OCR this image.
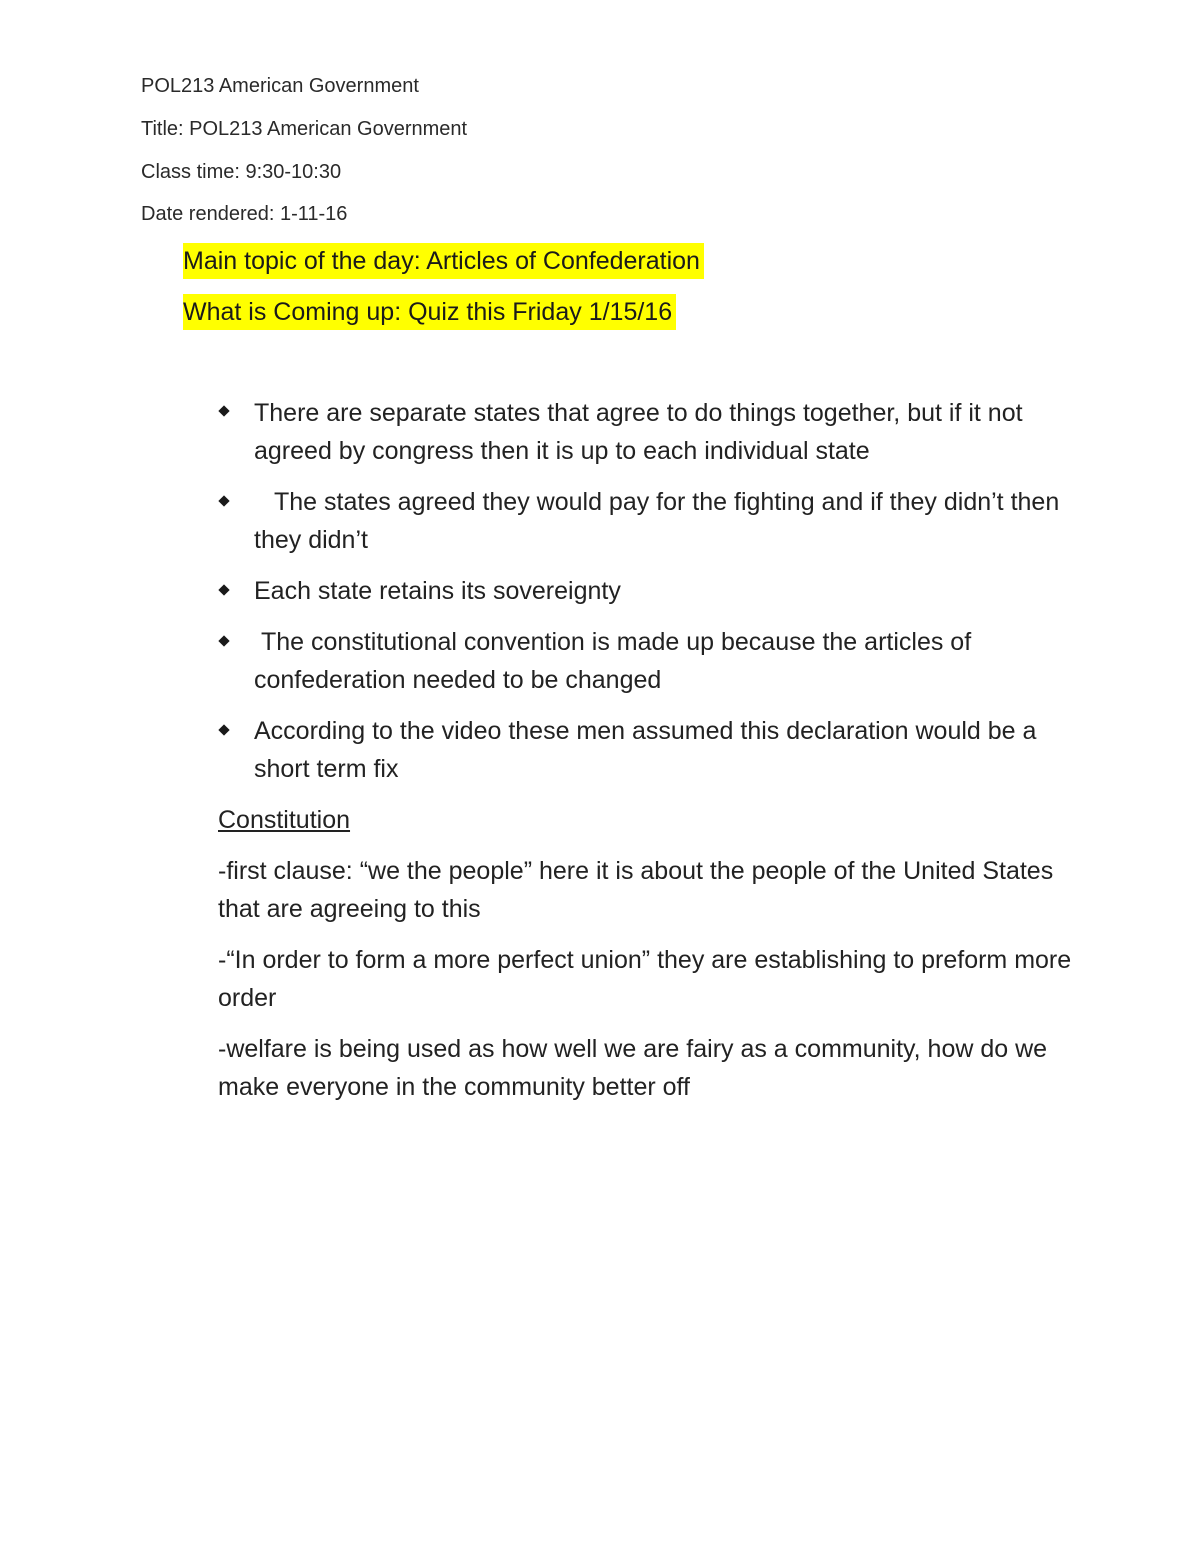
POL213 American Government
Title: POL213 American Government
Class time: 9:30-10:30
Date rendered: 1-11-16
Main topic of the day: Articles of Confederation
What is Coming up: Quiz this Friday 1/15/16
There are separate states that agree to do things together, but if it not agreed by congress then it is up to each individual state
The states agreed they would pay for the fighting and if they didn’t then they didn’t
Each state retains its sovereignty
The constitutional convention is made up because the articles of confederation needed to be changed
According to the video these men assumed this declaration would be a short term fix
Constitution
-first clause: “we the people” here it is about the people of the United States that are agreeing to this
-“In order to form a more perfect union” they are establishing to preform more order
-welfare is being used as how well we are fairy as a community, how do we make everyone in the community better off
